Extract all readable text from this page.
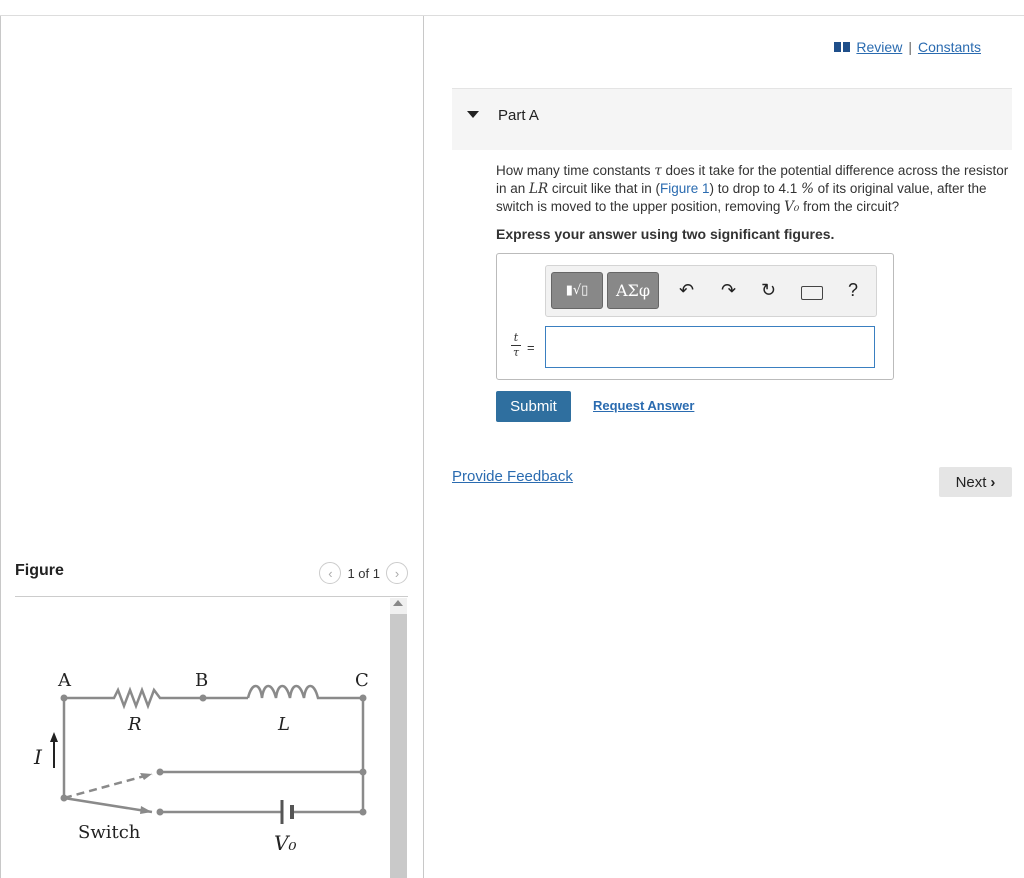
Figure	‹	1 of 1	›
A	B	C
R	L
I
Switch	V₀
Review | Constants
Part A

How many time constants τ does it take for the potential difference across the resistor in an LR circuit like that in (Figure 1) to drop to 4.1 % of its original value, after the switch is moved to the upper position, removing V₀ from the circuit?

Express your answer using two significant figures.
▮√▯	ΑΣφ	↶ ↷ ↻	?
t
τ =
Submit	Request Answer
Provide Feedback	Next ›
